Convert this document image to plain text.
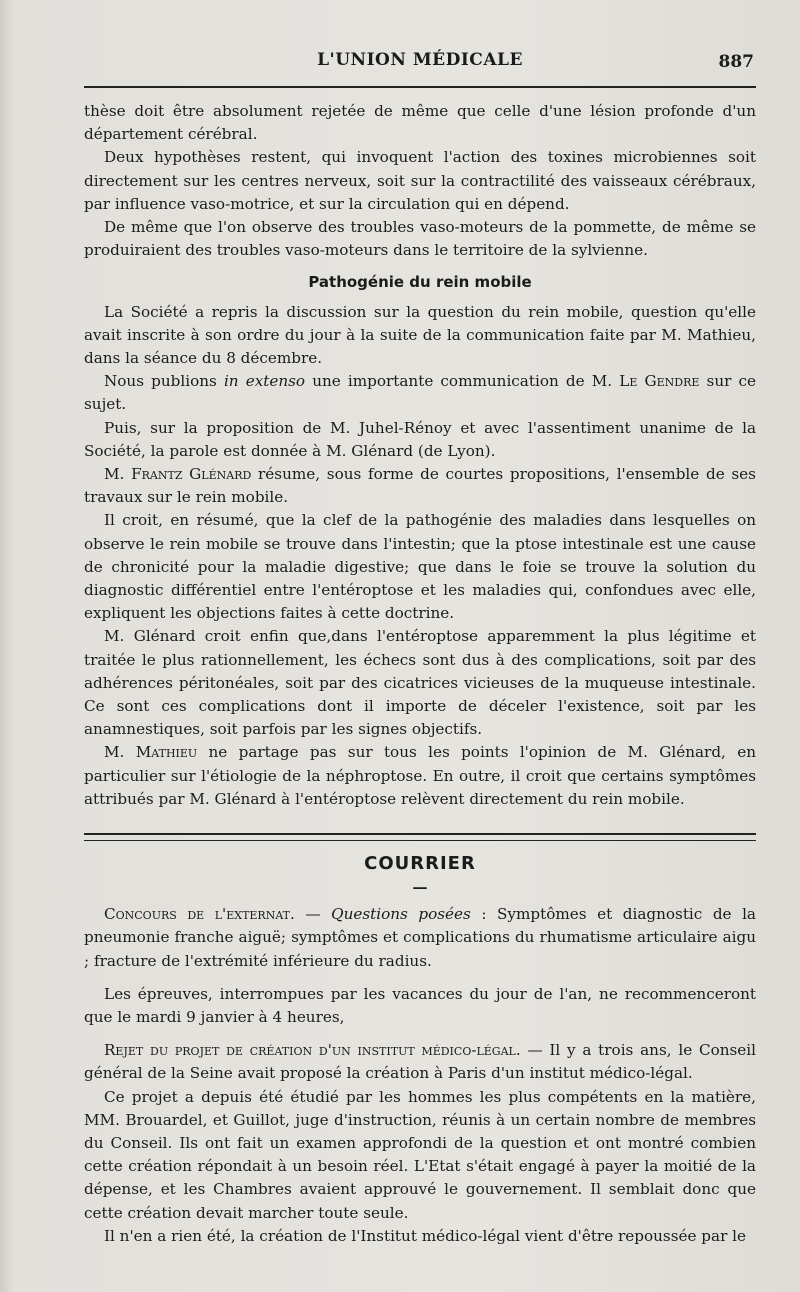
L'UNION MÉDICALE	887

thèse doit être absolument rejetée de même que celle d'une lésion profonde d'un département cérébral.

Deux hypothèses restent, qui invoquent l'action des toxines microbiennes soit directement sur les centres nerveux, soit sur la contractilité des vaisseaux cérébraux, par influence vaso-motrice, et sur la circulation qui en dépend.

De même que l'on observe des troubles vaso-moteurs de la pommette, de même se produiraient des troubles vaso-moteurs dans le territoire de la sylvienne.

Pathogénie du rein mobile

La Société a repris la discussion sur la question du rein mobile, question qu'elle avait inscrite à son ordre du jour à la suite de la communication faite par M. Mathieu, dans la séance du 8 décembre.

Nous publions in extenso une importante communication de M. Le Gendre sur ce sujet.

Puis, sur la proposition de M. Juhel-Rénoy et avec l'assentiment unanime de la Société, la parole est donnée à M. Glénard (de Lyon).

M. Frantz Glénard résume, sous forme de courtes propositions, l'ensemble de ses travaux sur le rein mobile.

Il croit, en résumé, que la clef de la pathogénie des maladies dans lesquelles on observe le rein mobile se trouve dans l'intestin; que la ptose intestinale est une cause de chronicité pour la maladie digestive; que dans le foie se trouve la solution du diagnostic différentiel entre l'entéroptose et les maladies qui, confondues avec elle, expliquent les objections faites à cette doctrine.

M. Glénard croit enfin que,dans l'entéroptose apparemment la plus légitime et traitée le plus rationnellement, les échecs sont dus à des complications, soit par des adhérences péritonéales, soit par des cicatrices vicieuses de la muqueuse intestinale. Ce sont ces complications dont il importe de déceler l'existence, soit par les anamnestiques, soit parfois par les signes objectifs.

M. Mathieu ne partage pas sur tous les points l'opinion de M. Glénard, en particulier sur l'étiologie de la néphroptose. En outre, il croit que certains symptômes attribués par M. Glénard à l'entéroptose relèvent directement du rein mobile.

COURRIER
—

Concours de l'externat. — Questions posées : Symptômes et diagnostic de la pneumonie franche aiguë; symptômes et complications du rhumatisme articulaire aigu ; fracture de l'extrémité inférieure du radius.

Les épreuves, interrompues par les vacances du jour de l'an, ne recommenceront que le mardi 9 janvier à 4 heures,

Rejet du projet de création d'un institut médico-légal. — Il y a trois ans, le Conseil général de la Seine avait proposé la création à Paris d'un institut médico-légal.

Ce projet a depuis été étudié par les hommes les plus compétents en la matière, MM. Brouardel, et Guillot, juge d'instruction, réunis à un certain nombre de membres du Conseil. Ils ont fait un examen approfondi de la question et ont montré combien cette création répondait à un besoin réel. L'Etat s'était engagé à payer la moitié de la dépense, et les Chambres avaient approuvé le gouvernement. Il semblait donc que cette création devait marcher toute seule.

Il n'en a rien été, la création de l'Institut médico-légal vient d'être repoussée par le
